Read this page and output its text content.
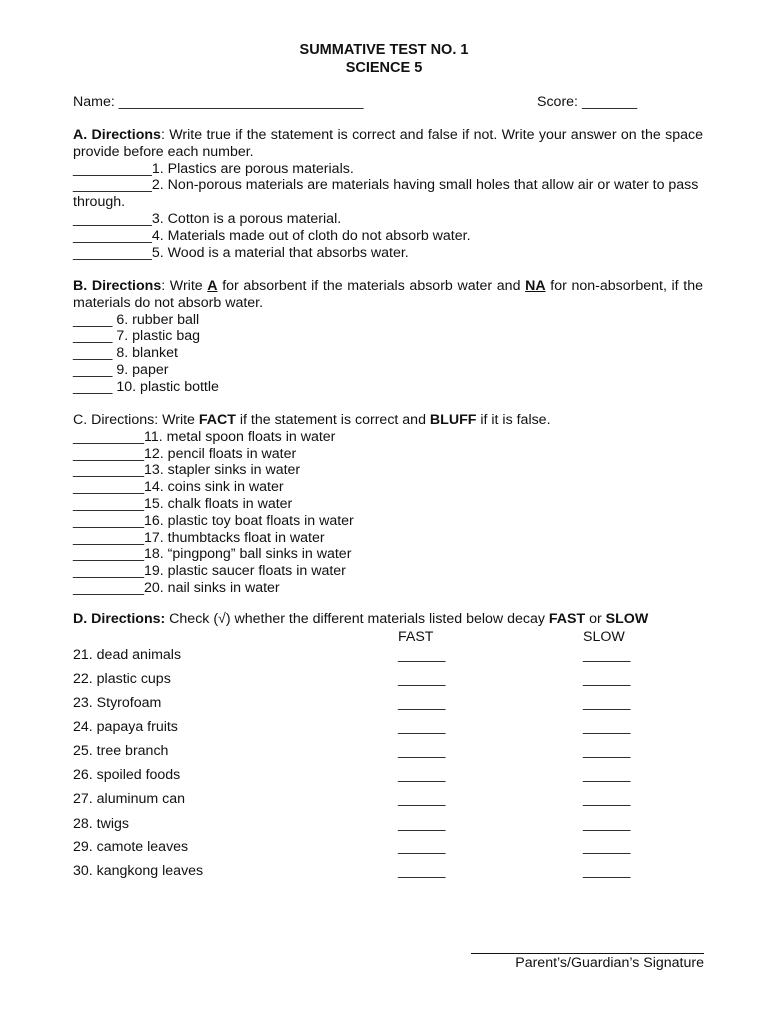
SUMMATIVE TEST NO. 1
SCIENCE 5
Name: _______________________________	Score: _______
A. Directions: Write true if the statement is correct and false if not. Write your answer on the space provide before each number.
__________1. Plastics are porous materials.
__________2. Non-porous materials are materials having small holes that allow air or water to pass through.
__________3. Cotton is a porous material.
__________4. Materials made out of cloth do not absorb water.
__________5. Wood is a material that absorbs water.
B. Directions: Write A for absorbent if the materials absorb water and NA for non-absorbent, if the materials do not absorb water.
_____ 6. rubber ball
_____ 7. plastic bag
_____ 8. blanket
_____ 9. paper
_____ 10. plastic bottle
C. Directions: Write FACT if the statement is correct and BLUFF if it is false.
_________11. metal spoon floats in water
_________12. pencil floats in water
_________13. stapler sinks in water
_________14. coins sink in water
_________15. chalk floats in water
_________16. plastic toy boat floats in water
_________17. thumbtacks float in water
_________18. “pingpong” ball sinks in water
_________19. plastic saucer floats in water
_________20. nail sinks in water
D. Directions: Check (√) whether the different materials listed below decay FAST or SLOW
FAST	SLOW
21. dead animals	______	______
22. plastic cups	______	______
23. Styrofoam	______	______
24. papaya fruits	______	______
25. tree branch	______	______
26. spoiled foods	______	______
27. aluminum can	______	______
28. twigs	______	______
29. camote leaves	______	______
30. kangkong leaves	______	______
Parent’s/Guardian’s Signature
